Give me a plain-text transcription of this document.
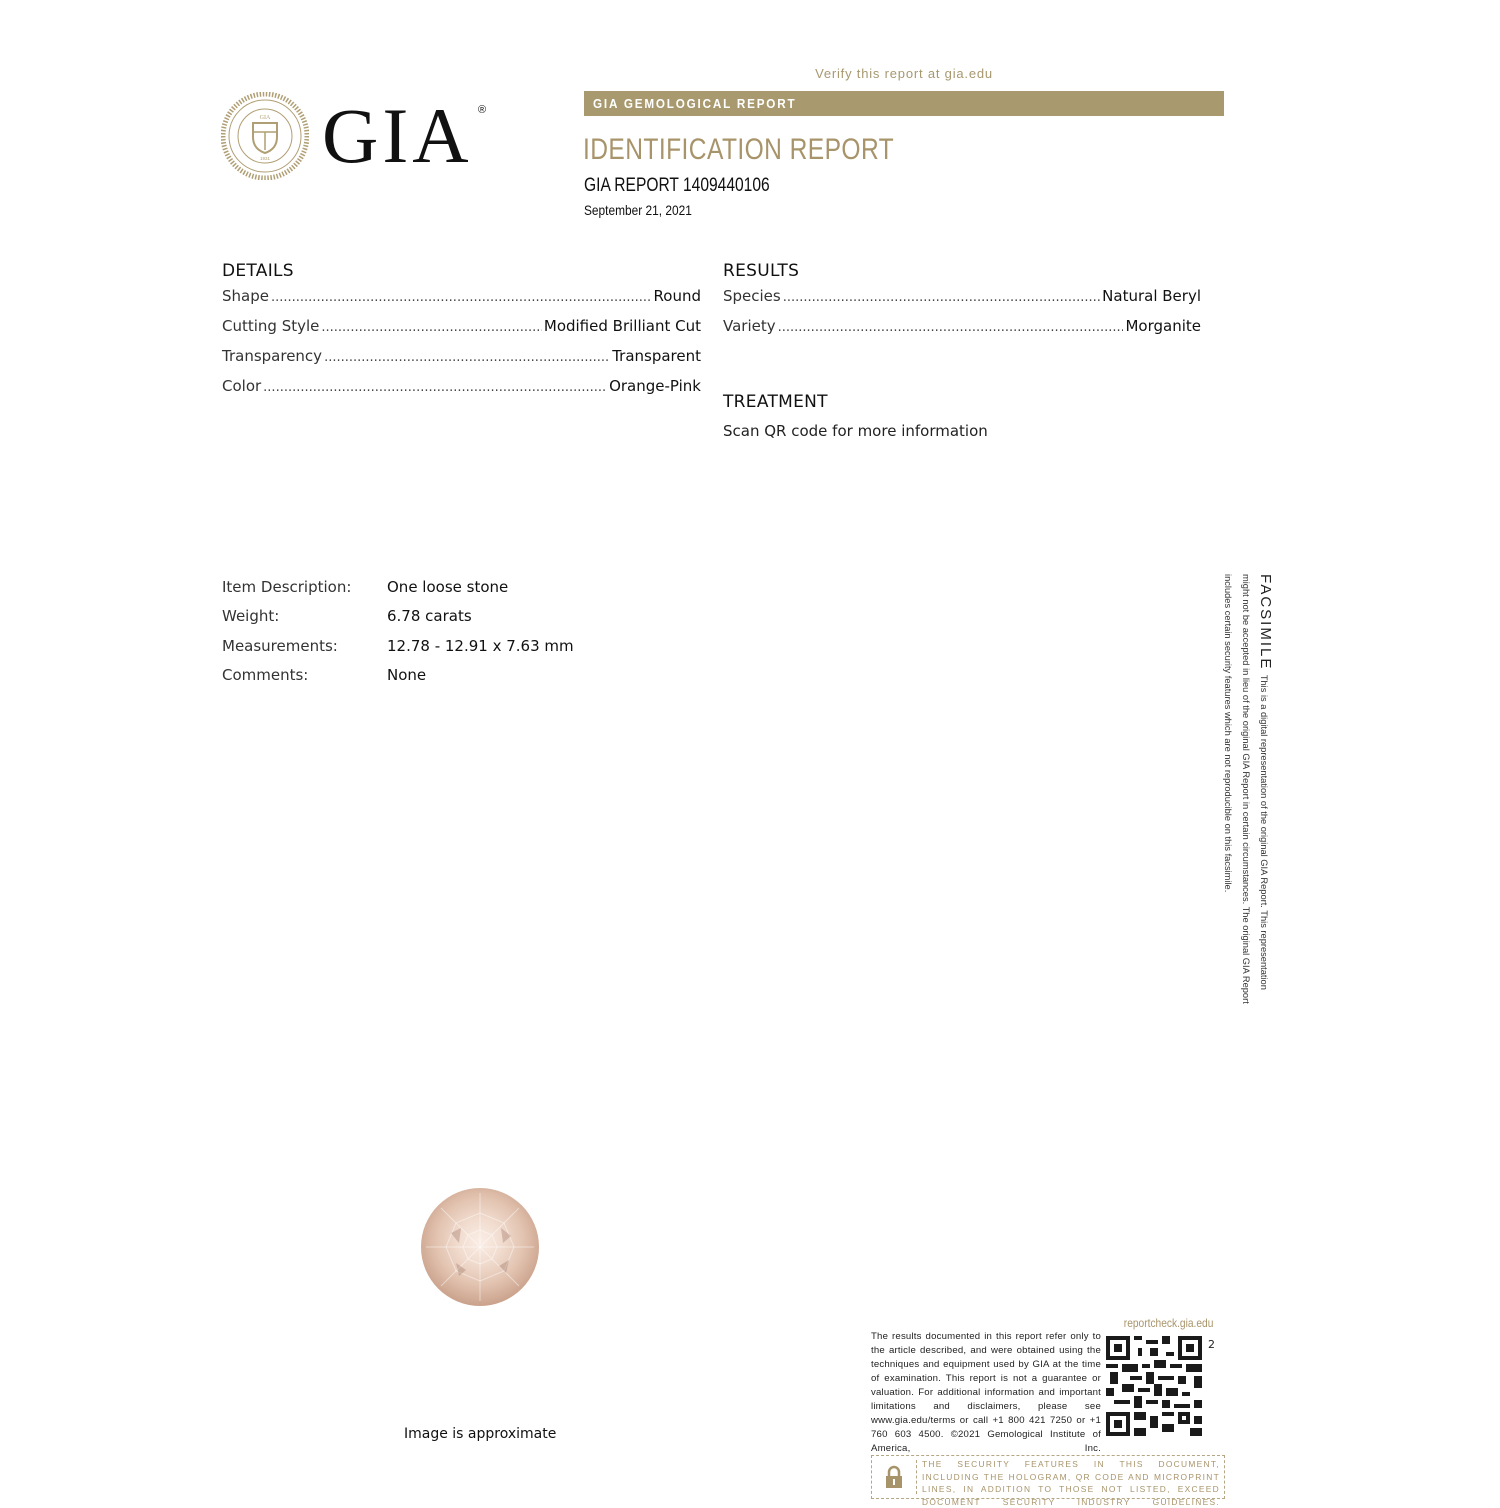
GIA
1931 GIA ®
Verify this report at gia.edu
GIA GEMOLOGICAL REPORT
IDENTIFICATION REPORT
GIA REPORT 1409440106
September 21, 2021
DETAILS
Shape .....	Round
Cutting Style .....	Modified Brilliant Cut
Transparency .....	Transparent
Color .....	Orange-Pink
RESULTS
Species .....	Natural Beryl
Variety .....	Morganite
TREATMENT
Scan QR code for more information
Item Description:	One loose stone
Weight:	6.78 carats
Measurements:	12.78 - 12.91 x 7.63 mm
Comments:	None
FACSIMILE This is a digital representation of the original GIA Report. This representation might not be accepted in lieu of the original GIA Report in certain circumstances. The original GIA Report includes certain security features which are not reproducible on this facsimile.
Image is approximate
reportcheck.gia.edu
The results documented in this report refer only to the article described, and were obtained using the techniques and equipment used by GIA at the time of examination. This report is not a guarantee or valuation. For additional information and important limitations and disclaimers, please see www.gia.edu/terms or call +1 800 421 7250 or +1 760 603 4500. ©2021 Gemological Institute of America, Inc.
2
THE SECURITY FEATURES IN THIS DOCUMENT, INCLUDING THE HOLOGRAM, QR CODE AND MICROPRINT LINES, IN ADDITION TO THOSE NOT LISTED, EXCEED DOCUMENT SECURITY INDUSTRY GUIDELINES.
